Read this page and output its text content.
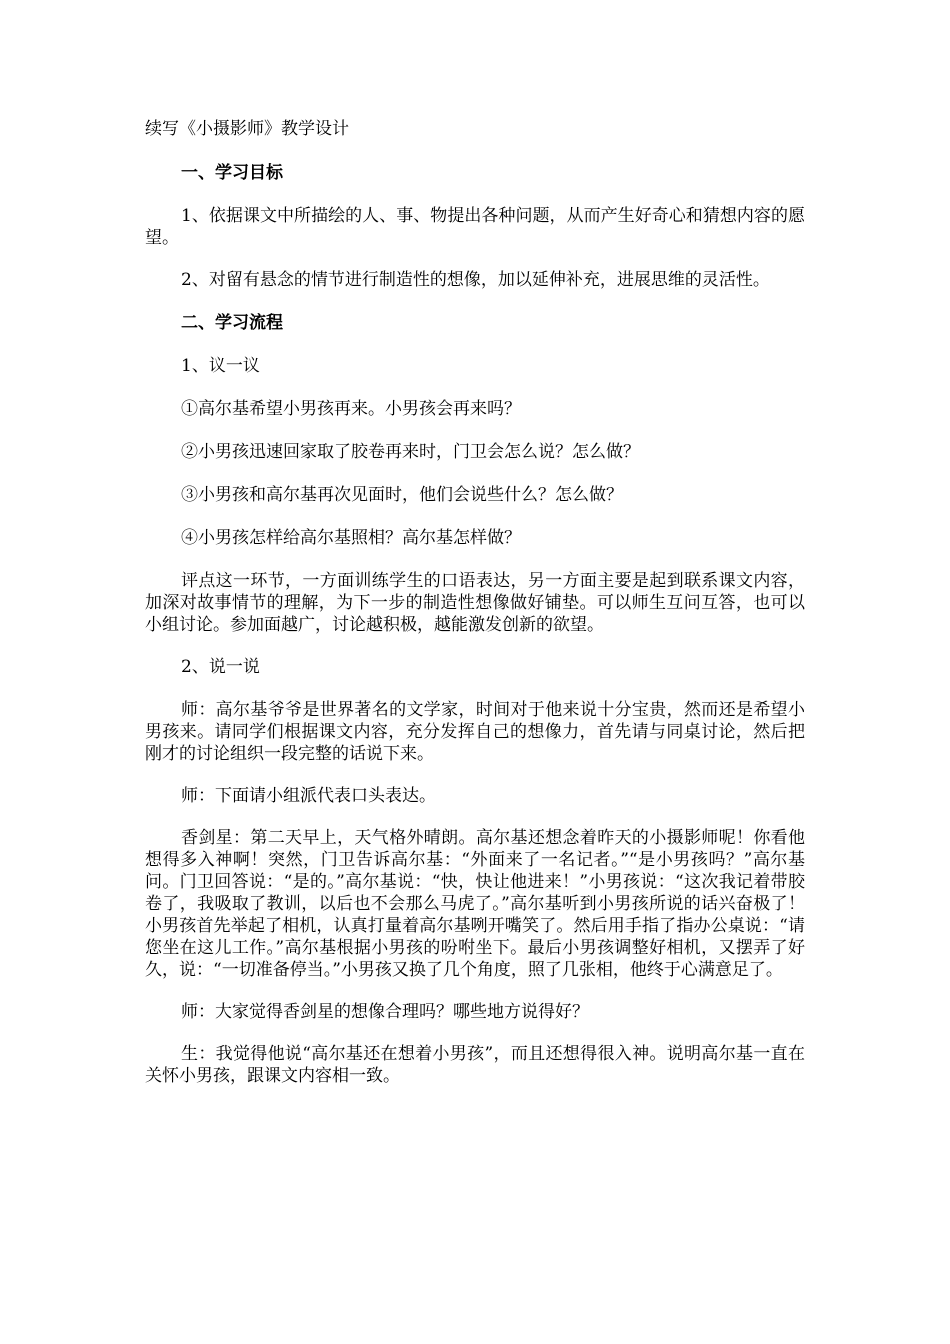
续写《小摄影师》教学设计
一、学习目标
1、依据课文中所描绘的人、事、物提出各种问题，从而产生好奇心和猜想内容的愿望。
2、对留有悬念的情节进行制造性的想像，加以延伸补充，进展思维的灵活性。
二、学习流程
1、议一议
①高尔基希望小男孩再来。小男孩会再来吗？
②小男孩迅速回家取了胶卷再来时，门卫会怎么说？怎么做？
③小男孩和高尔基再次见面时，他们会说些什么？怎么做？
④小男孩怎样给高尔基照相？高尔基怎样做？
评点这一环节，一方面训练学生的口语表达，另一方面主要是起到联系课文内容，加深对故事情节的理解，为下一步的制造性想像做好铺垫。可以师生互问互答，也可以小组讨论。参加面越广，讨论越积极，越能激发创新的欲望。
2、说一说
师：高尔基爷爷是世界著名的文学家，时间对于他来说十分宝贵，然而还是希望小男孩来。请同学们根据课文内容，充分发挥自己的想像力，首先请与同桌讨论，然后把刚才的讨论组织一段完整的话说下来。
师：下面请小组派代表口头表达。
香剑星：第二天早上，天气格外晴朗。高尔基还想念着昨天的小摄影师呢！你看他想得多入神啊！突然，门卫告诉高尔基：“外面来了一名记者。”“是小男孩吗？”高尔基问。门卫回答说：“是的。”高尔基说：“快，快让他进来！”小男孩说：“这次我记着带胶卷了，我吸取了教训，以后也不会那么马虎了。”高尔基听到小男孩所说的话兴奋极了！小男孩首先举起了相机，认真打量着高尔基咧开嘴笑了。然后用手指了指办公桌说：“请您坐在这儿工作。”高尔基根据小男孩的吩咐坐下。最后小男孩调整好相机，又摆弄了好久，说：“一切准备停当。”小男孩又换了几个角度，照了几张相，他终于心满意足了。
师：大家觉得香剑星的想像合理吗？哪些地方说得好？
生：我觉得他说“高尔基还在想着小男孩”，而且还想得很入神。说明高尔基一直在关怀小男孩，跟课文内容相一致。
